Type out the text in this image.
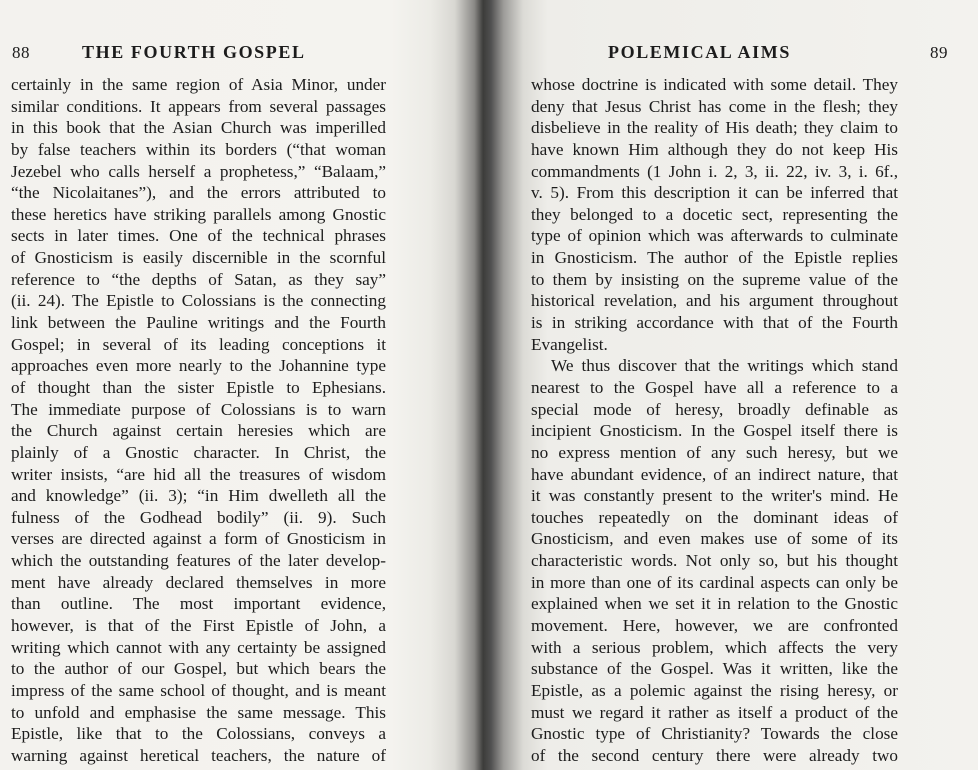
88	THE FOURTH GOSPEL
certainly in the same region of Asia Minor, under
similar conditions. It appears from several passages
in this book that the Asian Church was imperilled
by false teachers within its borders (“that woman
Jezebel who calls herself a prophetess,” “Balaam,”
“the Nicolaitanes”), and the errors attributed to
these heretics have striking parallels among Gnostic
sects in later times. One of the technical phrases
of Gnosticism is easily discernible in the scornful
reference to “the depths of Satan, as they say”
(ii. 24). The Epistle to Colossians is the connecting
link between the Pauline writings and the Fourth
Gospel; in several of its leading conceptions it
approaches even more nearly to the Johannine type
of thought than the sister Epistle to Ephesians.
The immediate purpose of Colossians is to warn
the Church against certain heresies which are
plainly of a Gnostic character. In Christ, the
writer insists, “are hid all the treasures of wisdom
and knowledge” (ii. 3); “in Him dwelleth all the
fulness of the Godhead bodily” (ii. 9). Such
verses are directed against a form of Gnosticism in
which the outstanding features of the later develop-
ment have already declared themselves in more
than outline. The most important evidence,
however, is that of the First Epistle of John, a
writing which cannot with any certainty be assigned
to the author of our Gospel, but which bears the
impress of the same school of thought, and is meant
to unfold and emphasise the same message. This
Epistle, like that to the Colossians, conveys a
warning against heretical teachers, the nature of
POLEMICAL AIMS	89
whose doctrine is indicated with some detail. They
deny that Jesus Christ has come in the flesh; they
disbelieve in the reality of His death; they claim to
have known Him although they do not keep His
commandments (1 John i. 2, 3, ii. 22, iv. 3, i. 6f.,
v. 5). From this description it can be inferred that
they belonged to a docetic sect, representing the
type of opinion which was afterwards to culminate
in Gnosticism. The author of the Epistle replies
to them by insisting on the supreme value of the
historical revelation, and his argument throughout
is in striking accordance with that of the Fourth
Evangelist.
We thus discover that the writings which stand
nearest to the Gospel have all a reference to a
special mode of heresy, broadly definable as
incipient Gnosticism. In the Gospel itself there is
no express mention of any such heresy, but we
have abundant evidence, of an indirect nature, that
it was constantly present to the writer's mind. He
touches repeatedly on the dominant ideas of
Gnosticism, and even makes use of some of its
characteristic words. Not only so, but his thought
in more than one of its cardinal aspects can only be
explained when we set it in relation to the Gnostic
movement. Here, however, we are confronted
with a serious problem, which affects the very
substance of the Gospel. Was it written, like the
Epistle, as a polemic against the rising heresy, or
must we regard it rather as itself a product of the
Gnostic type of Christianity? Towards the close
of the second century there were already two
